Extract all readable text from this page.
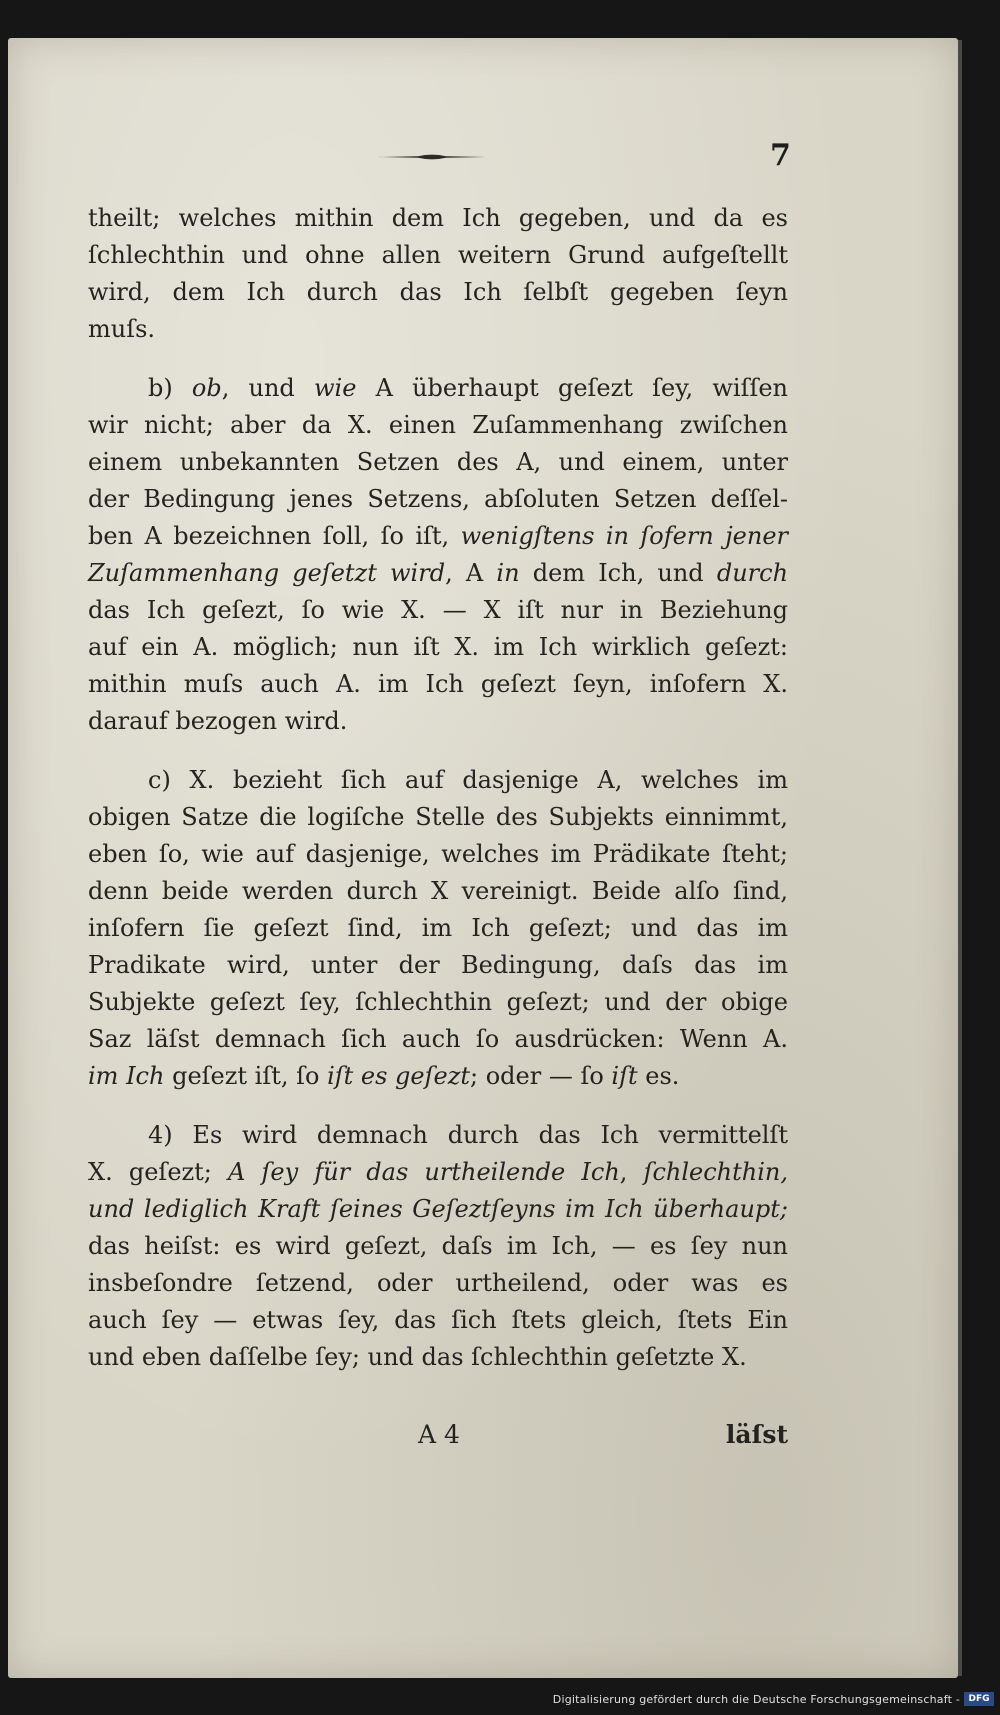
7
theilt; welches mithin dem Ich gegeben, und da es
ſchlechthin und ohne allen weitern Grund aufgeſtellt
wird, dem Ich durch das Ich ſelbſt gegeben ſeyn
muſs.
b) ob, und wie A überhaupt geſezt ſey, wiſſen
wir nicht; aber da X. einen Zuſammenhang zwiſchen
einem unbekannten Setzen des A, und einem, unter
der Bedingung jenes Setzens, abſoluten Setzen deſſel-
ben A bezeichnen ſoll, ſo iſt, wenigſtens in ſofern jener
Zuſammenhang geſetzt wird, A in dem Ich, und durch
das Ich geſezt, ſo wie X. — X iſt nur in Beziehung
auf ein A. möglich; nun iſt X. im Ich wirklich geſezt:
mithin muſs auch A. im Ich geſezt ſeyn, inſofern X.
darauf bezogen wird.
c) X. bezieht ſich auf dasjenige A, welches im
obigen Satze die logiſche Stelle des Subjekts einnimmt,
eben ſo, wie auf dasjenige, welches im Prädikate ſteht;
denn beide werden durch X vereinigt. Beide alſo ſind,
inſofern ſie geſezt ſind, im Ich geſezt; und das im
Pradikate wird, unter der Bedingung, daſs das im
Subjekte geſezt ſey, ſchlechthin geſezt; und der obige
Saz läſst demnach ſich auch ſo ausdrücken: Wenn A.
im Ich geſezt iſt, ſo iſt es geſezt; oder — ſo iſt es.
4) Es wird demnach durch das Ich vermittelſt
X. geſezt; A ſey für das urtheilende Ich, ſchlechthin,
und lediglich Kraft ſeines Geſeztſeyns im Ich überhaupt;
das heiſst: es wird geſezt, daſs im Ich, — es ſey nun
insbeſondre ſetzend, oder urtheilend, oder was es
auch ſey — etwas ſey, das ſich ſtets gleich, ſtets Ein
und eben daſſelbe ſey; und das ſchlechthin geſetzte X.
A 4	läſst
Digitalisierung gefördert durch die Deutsche Forschungsgemeinschaft - DFG
